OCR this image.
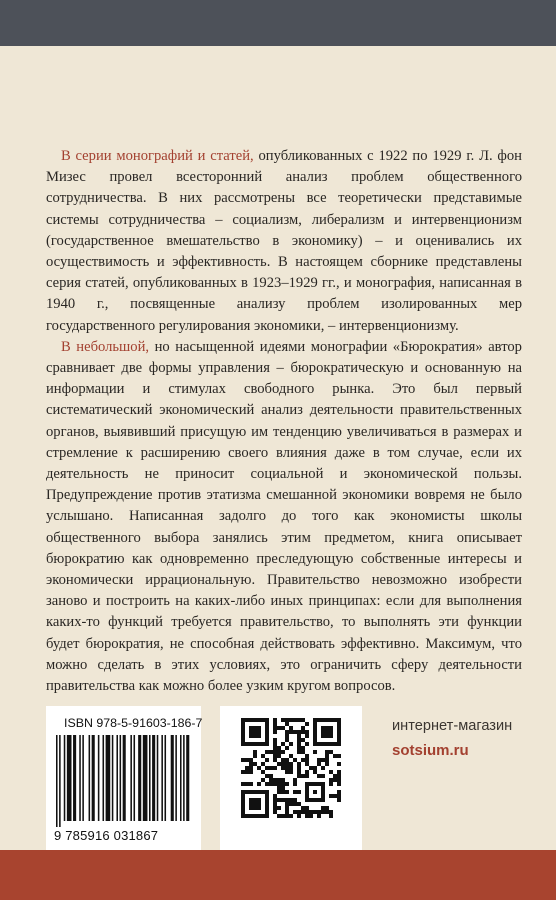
В серии монографий и статей, опубликованных с 1922 по 1929 г. Л. фон Мизес провел всесторонний анализ проблем общественного сотрудничества. В них рассмотрены все теоретически представимые системы сотрудничества – социализм, либерализм и интервенционизм (государственное вмешательство в экономику) – и оценивались их осуществимость и эффективность. В настоящем сборнике представлены серия статей, опубликованных в 1923–1929 гг., и монография, написанная в 1940 г., посвященные анализу проблем изолированных мер государственного регулирования экономики, – интервенционизму.

В небольшой, но насыщенной идеями монографии «Бюрократия» автор сравнивает две формы управления – бюрократическую и основанную на информации и стимулах свободного рынка. Это был первый систематический экономический анализ деятельности правительственных органов, выявивший присущую им тенденцию увеличиваться в размерах и стремление к расширению своего влияния даже в том случае, если их деятельность не приносит социальной и экономической пользы. Предупреждение против этатизма смешанной экономики вовремя не было услышано. Написанная задолго до того как экономисты школы общественного выбора занялись этим предметом, книга описывает бюрократию как одновременно преследующую собственные интересы и экономически иррациональную. Правительство невозможно изобрести заново и построить на каких-либо иных принципах: если для выполнения каких-то функций требуется правительство, то выполнять эти функции будет бюрократия, не способная действовать эффективно. Максимум, что можно сделать в этих условиях, это ограничить сферу деятельности правительства как можно более узким кругом вопросов.

ISBN 978-5-91603-186-7
9 785916 031867
интернет-магазин
sotsium.ru
